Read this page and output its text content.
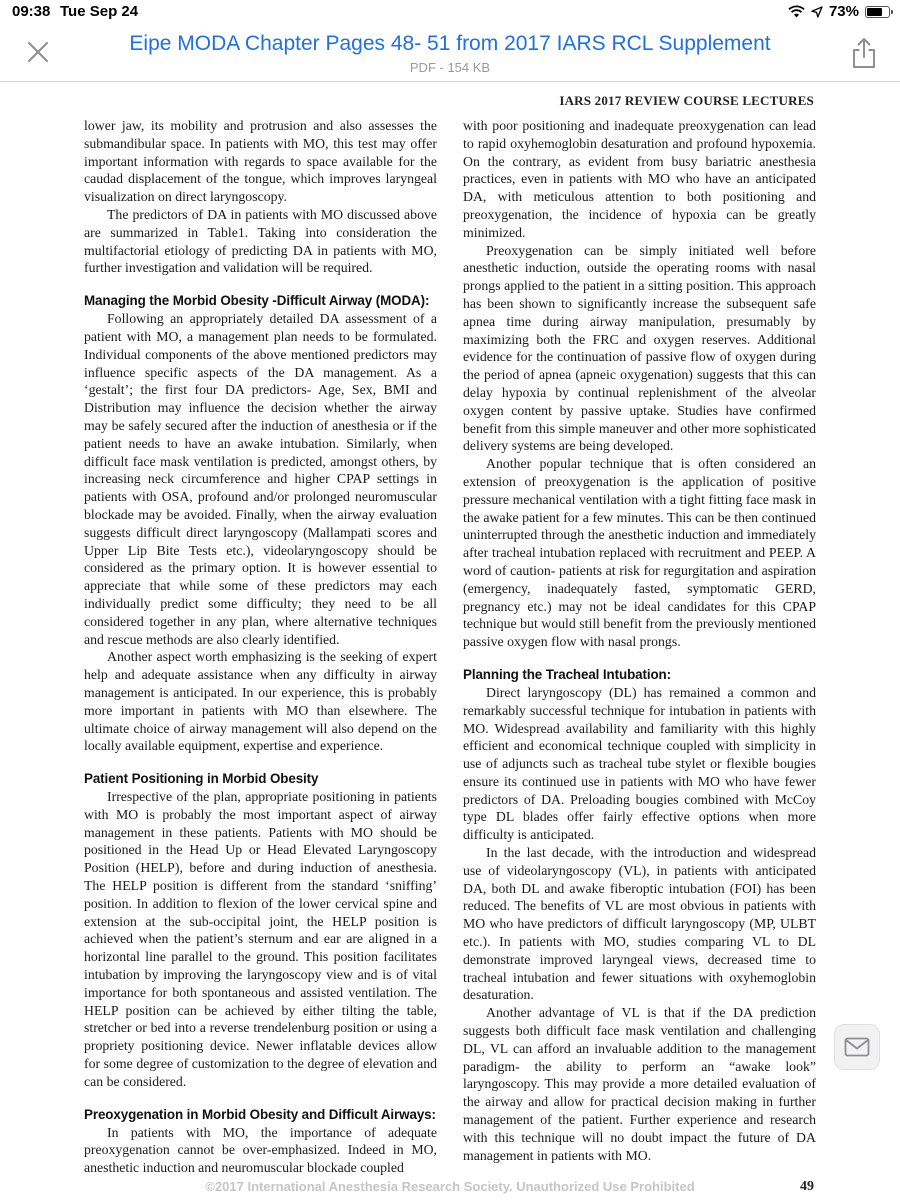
09:38 Tue Sep 24	73%
Eipe MODA Chapter Pages 48- 51 from 2017 IARS RCL Supplement
PDF - 154 KB
IARS 2017 REVIEW COURSE LECTURES

lower jaw, its mobility and protrusion and also assesses the submandibular space. In patients with MO, this test may offer important information with regards to space available for the caudad displacement of the tongue, which improves laryngeal visualization on direct laryngoscopy.

The predictors of DA in patients with MO discussed above are summarized in Table1. Taking into consideration the multifactorial etiology of predicting DA in patients with MO, further investigation and validation will be required.

Managing the Morbid Obesity -Difficult Airway (MODA):

Following an appropriately detailed DA assessment of a patient with MO, a management plan needs to be formulated. Individual components of the above mentioned predictors may influence specific aspects of the DA management. As a ‘gestalt’; the first four DA predictors- Age, Sex, BMI and Distribution may influence the decision whether the airway may be safely secured after the induction of anesthesia or if the patient needs to have an awake intubation. Similarly, when difficult face mask ventilation is predicted, amongst others, by increasing neck circumference and higher CPAP settings in patients with OSA, profound and/or prolonged neuromuscular blockade may be avoided. Finally, when the airway evaluation suggests difficult direct laryngoscopy (Mallampati scores and Upper Lip Bite Tests etc.), videolaryngoscopy should be considered as the primary option. It is however essential to appreciate that while some of these predictors may each individually predict some difficulty; they need to be all considered together in any plan, where alternative techniques and rescue methods are also clearly identified.

Another aspect worth emphasizing is the seeking of expert help and adequate assistance when any difficulty in airway management is anticipated. In our experience, this is probably more important in patients with MO than elsewhere. The ultimate choice of airway management will also depend on the locally available equipment, expertise and experience.

Patient Positioning in Morbid Obesity

Irrespective of the plan, appropriate positioning in patients with MO is probably the most important aspect of airway management in these patients. Patients with MO should be positioned in the Head Up or Head Elevated Laryngoscopy Position (HELP), before and during induction of anesthesia. The HELP position is different from the standard ‘sniffing’ position. In addition to flexion of the lower cervical spine and extension at the sub-occipital joint, the HELP position is achieved when the patient’s sternum and ear are aligned in a horizontal line parallel to the ground. This position facilitates intubation by improving the laryngoscopy view and is of vital importance for both spontaneous and assisted ventilation. The HELP position can be achieved by either tilting the table, stretcher or bed into a reverse trendelenburg position or using a propriety positioning device. Newer inflatable devices allow for some degree of customization to the degree of elevation and can be considered.

Preoxygenation in Morbid Obesity and Difficult Airways:

In patients with MO, the importance of adequate preoxygenation cannot be over-emphasized. Indeed in MO, anesthetic induction and neuromuscular blockade coupled

with poor positioning and inadequate preoxygenation can lead to rapid oxyhemoglobin desaturation and profound hypoxemia. On the contrary, as evident from busy bariatric anesthesia practices, even in patients with MO who have an anticipated DA, with meticulous attention to both positioning and preoxygenation, the incidence of hypoxia can be greatly minimized.

Preoxygenation can be simply initiated well before anesthetic induction, outside the operating rooms with nasal prongs applied to the patient in a sitting position. This approach has been shown to significantly increase the subsequent safe apnea time during airway manipulation, presumably by maximizing both the FRC and oxygen reserves. Additional evidence for the continuation of passive flow of oxygen during the period of apnea (apneic oxygenation) suggests that this can delay hypoxia by continual replenishment of the alveolar oxygen content by passive uptake. Studies have confirmed benefit from this simple maneuver and other more sophisticated delivery systems are being developed.

Another popular technique that is often considered an extension of preoxygenation is the application of positive pressure mechanical ventilation with a tight fitting face mask in the awake patient for a few minutes. This can be then continued uninterrupted through the anesthetic induction and immediately after tracheal intubation replaced with recruitment and PEEP. A word of caution- patients at risk for regurgitation and aspiration (emergency, inadequately fasted, symptomatic GERD, pregnancy etc.) may not be ideal candidates for this CPAP technique but would still benefit from the previously mentioned passive oxygen flow with nasal prongs.

Planning the Tracheal Intubation:

Direct laryngoscopy (DL) has remained a common and remarkably successful technique for intubation in patients with MO. Widespread availability and familiarity with this highly efficient and economical technique coupled with simplicity in use of adjuncts such as tracheal tube stylet or flexible bougies ensure its continued use in patients with MO who have fewer predictors of DA. Preloading bougies combined with McCoy type DL blades offer fairly effective options when more difficulty is anticipated.

In the last decade, with the introduction and widespread use of videolaryngoscopy (VL), in patients with anticipated DA, both DL and awake fiberoptic intubation (FOI) has been reduced. The benefits of VL are most obvious in patients with MO who have predictors of difficult laryngoscopy (MP, ULBT etc.). In patients with MO, studies comparing VL to DL demonstrate improved laryngeal views, decreased time to tracheal intubation and fewer situations with oxyhemoglobin desaturation.

Another advantage of VL is that if the DA prediction suggests both difficult face mask ventilation and challenging DL, VL can afford an invaluable addition to the management paradigm- the ability to perform an “awake look” laryngoscopy. This may provide a more detailed evaluation of the airway and allow for practical decision making in further management of the patient. Further experience and research with this technique will no doubt impact the future of DA management in patients with MO.

©2017 International Anesthesia Research Society. Unauthorized Use Prohibited	49
